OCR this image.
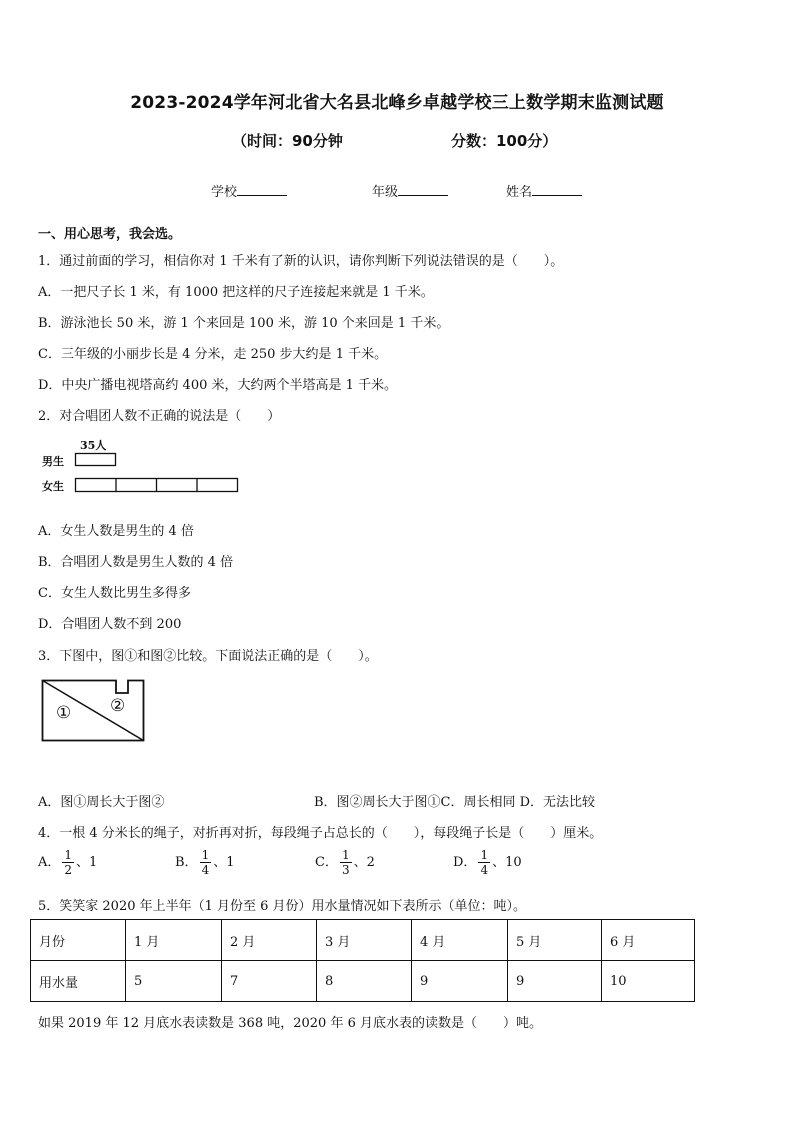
2023-2024学年河北省大名县北峰乡卓越学校三上数学期末监测试题
（时间：90分钟	分数：100分）
学校	年级	姓名
一、用心思考，我会选。
1．通过前面的学习，相信你对 1 千米有了新的认识，请你判断下列说法错误的是（　　）。
A．一把尺子长 1 米，有 1000 把这样的尺子连接起来就是 1 千米。
B．游泳池长 50 米，游 1 个来回是 100 米，游 10 个来回是 1 千米。
C．三年级的小丽步长是 4 分米，走 250 步大约是 1 千米。
D．中央广播电视塔高约 400 米，大约两个半塔高是 1 千米。
2．对合唱团人数不正确的说法是（　　）
35人
男生
女生
A．女生人数是男生的 4 倍
B．合唱团人数是男生人数的 4 倍
C．女生人数比男生多得多
D．合唱团人数不到 200
3．下图中，图①和图②比较。下面说法正确的是（　　）。
① ②
A．图①周长大于图②	B．图②周长大于图①C．周长相同 D．无法比较
4．一根 4 分米长的绳子，对折再对折，每段绳子占总长的（　　），每段绳子长是（　　）厘米。
A． $\frac{1}{2}$ 、1	B． $\frac{1}{4}$ 、1	C． $\frac{1}{3}$ 、2	D． $\frac{1}{4}$ 、10
5．笑笑家 2020 年上半年（1 月份至 6 月份）用水量情况如下表所示（单位：吨）。
月份	1 月	2 月	3 月	4 月	5 月	6 月
用水量	5	7	8	9	9	10
如果 2019 年 12 月底水表读数是 368 吨，2020 年 6 月底水表的读数是（　　）吨。
